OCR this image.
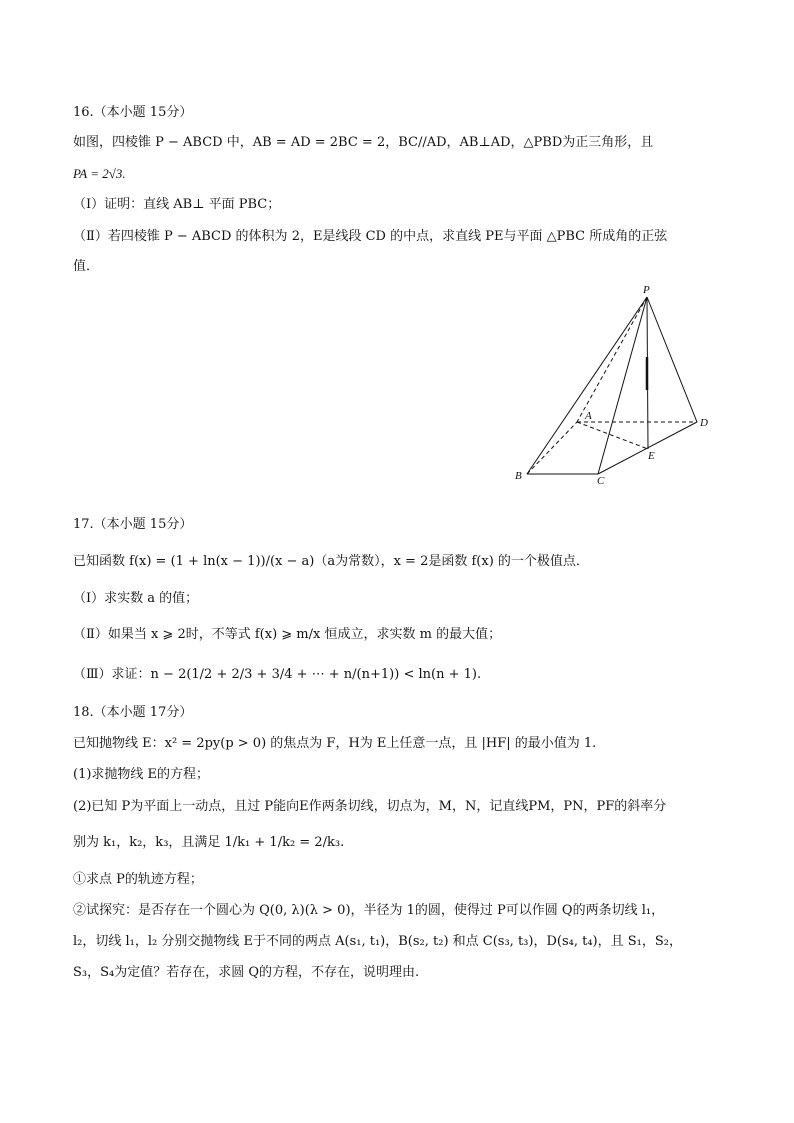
16.（本小题 15分）
如图，四棱锥 P − ABCD 中，AB = AD = 2BC = 2，BC//AD，AB⊥AD，△PBD为正三角形，且
PA = 2√3.
（Ⅰ）证明：直线 AB⊥ 平面 PBC；
（Ⅱ）若四棱锥 P − ABCD 的体积为 2，E是线段 CD 的中点，求直线 PE与平面 △PBC 所成角的正弦
值．
P
A
B	C
D
E
17.（本小题 15分）
已知函数 f(x) = (1 + ln(x − 1))/(x − a)（a为常数），x = 2是函数 f(x) 的一个极值点．
（Ⅰ）求实数 a 的值；
（Ⅱ）如果当 x ⩾ 2时，不等式 f(x) ⩾ m/x 恒成立，求实数 m 的最大值；
（Ⅲ）求证：n − 2(1/2 + 2/3 + 3/4 + ⋯ + n/(n+1)) < ln(n + 1).
18.（本小题 17分）
已知抛物线 E：x² = 2py(p > 0) 的焦点为 F，H为 E上任意一点，且 |HF| 的最小值为 1.
(1)求抛物线 E的方程；
(2)已知 P为平面上一动点，且过 P能向E作两条切线，切点为，M，N，记直线PM，PN，PF的斜率分
别为 k₁，k₂，k₃，且满足 1/k₁ + 1/k₂ = 2/k₃.
①求点 P的轨迹方程；
②试探究：是否存在一个圆心为 Q(0, λ)(λ > 0)，半径为 1的圆，使得过 P可以作圆 Q的两条切线 l₁，
l₂，切线 l₁，l₂ 分别交抛物线 E于不同的两点 A(s₁, t₁)，B(s₂, t₂) 和点 C(s₃, t₃)，D(s₄, t₄)，且 S₁，S₂，
S₃，S₄为定值？若存在，求圆 Q的方程，不存在，说明理由.
